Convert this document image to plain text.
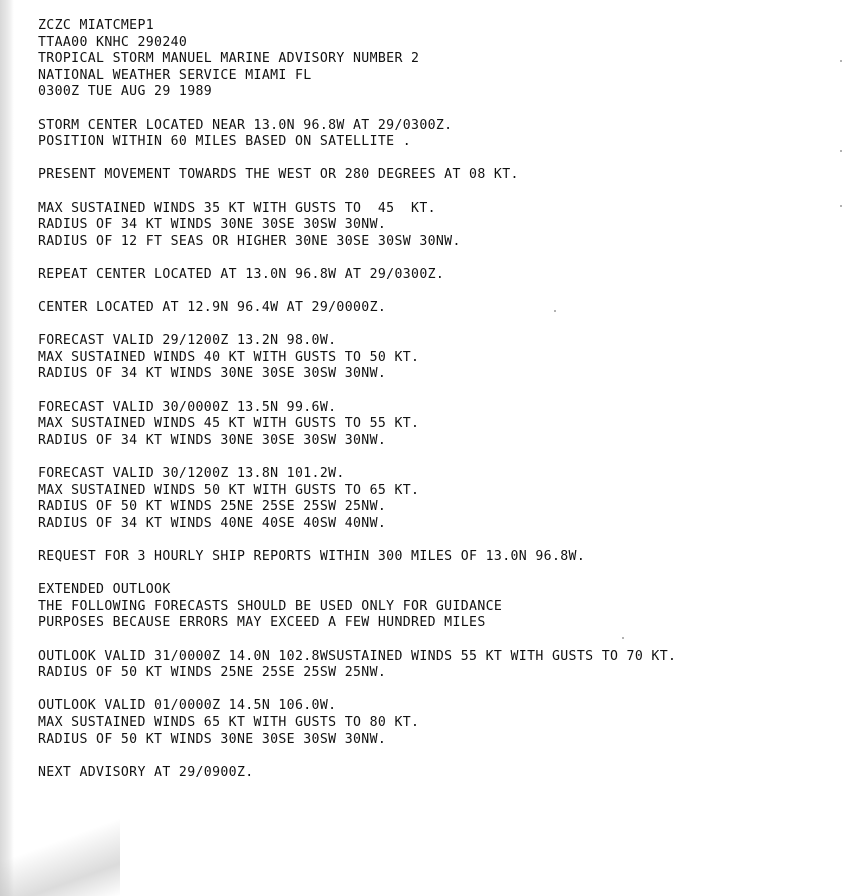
ZCZC MIATCMEP1
TTAA00 KNHC 290240
TROPICAL STORM MANUEL MARINE ADVISORY NUMBER 2
NATIONAL WEATHER SERVICE MIAMI FL
0300Z TUE AUG 29 1989
STORM CENTER LOCATED NEAR 13.0N 96.8W AT 29/0300Z.
POSITION WITHIN 60 MILES BASED ON SATELLITE .
PRESENT MOVEMENT TOWARDS THE WEST OR 280 DEGREES AT 08 KT.
MAX SUSTAINED WINDS 35 KT WITH GUSTS TO  45  KT.
RADIUS OF 34 KT WINDS 30NE 30SE 30SW 30NW.
RADIUS OF 12 FT SEAS OR HIGHER 30NE 30SE 30SW 30NW.
REPEAT CENTER LOCATED AT 13.0N 96.8W AT 29/0300Z.
CENTER LOCATED AT 12.9N 96.4W AT 29/0000Z.
FORECAST VALID 29/1200Z 13.2N 98.0W.
MAX SUSTAINED WINDS 40 KT WITH GUSTS TO 50 KT.
RADIUS OF 34 KT WINDS 30NE 30SE 30SW 30NW.
FORECAST VALID 30/0000Z 13.5N 99.6W.
MAX SUSTAINED WINDS 45 KT WITH GUSTS TO 55 KT.
RADIUS OF 34 KT WINDS 30NE 30SE 30SW 30NW.
FORECAST VALID 30/1200Z 13.8N 101.2W.
MAX SUSTAINED WINDS 50 KT WITH GUSTS TO 65 KT.
RADIUS OF 50 KT WINDS 25NE 25SE 25SW 25NW.
RADIUS OF 34 KT WINDS 40NE 40SE 40SW 40NW.
REQUEST FOR 3 HOURLY SHIP REPORTS WITHIN 300 MILES OF 13.0N 96.8W.
EXTENDED OUTLOOK
THE FOLLOWING FORECASTS SHOULD BE USED ONLY FOR GUIDANCE
PURPOSES BECAUSE ERRORS MAY EXCEED A FEW HUNDRED MILES
OUTLOOK VALID 31/0000Z 14.0N 102.8WSUSTAINED WINDS 55 KT WITH GUSTS TO 70 KT.
RADIUS OF 50 KT WINDS 25NE 25SE 25SW 25NW.
OUTLOOK VALID 01/0000Z 14.5N 106.0W.
MAX SUSTAINED WINDS 65 KT WITH GUSTS TO 80 KT.
RADIUS OF 50 KT WINDS 30NE 30SE 30SW 30NW.
NEXT ADVISORY AT 29/0900Z.
